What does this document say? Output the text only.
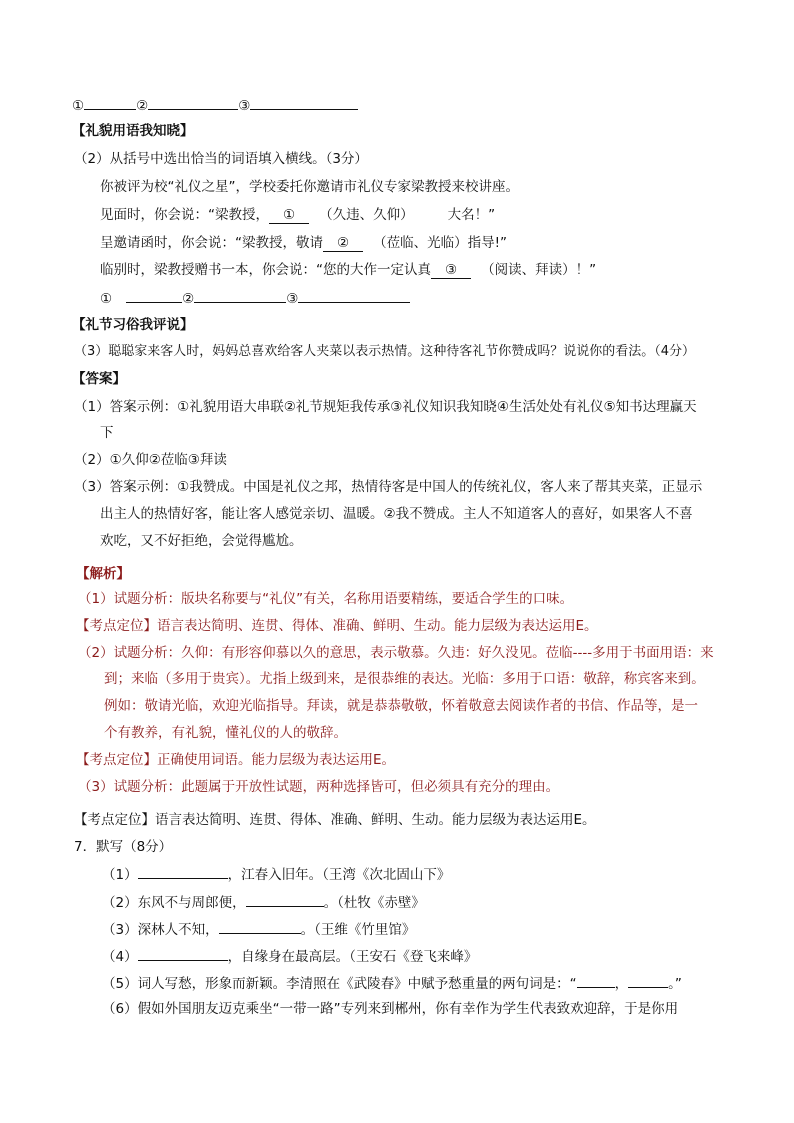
①	②	③
【礼貌用语我知晓】
（2）从括号中选出恰当的词语填入横线。（3分）
你被评为校“礼仪之星”，学校委托你邀请市礼仪专家梁教授来校讲座。
见面时，你会说：“梁教授， ① （久违、久仰）	大名！”
呈邀请函时，你会说：“梁教授，敬请 ② （莅临、光临）指导!”
临别时，梁教授赠书一本，你会说：“您的大作一定认真 ③ （阅读、拜读）！”
①	②	③
【礼节习俗我评说】
（3）聪聪家来客人时，妈妈总喜欢给客人夹菜以表示热情。这种待客礼节你赞成吗？说说你的看法。（4分）
【答案】
（1）答案示例：①礼貌用语大串联②礼节规矩我传承③礼仪知识我知晓④生活处处有礼仪⑤知书达理赢天
下
（2）①久仰②莅临③拜读
（3）答案示例：①我赞成。中国是礼仪之邦，热情待客是中国人的传统礼仪，客人来了帮其夹菜，正显示
出主人的热情好客，能让客人感觉亲切、温暖。②我不赞成。主人不知道客人的喜好，如果客人不喜
欢吃，又不好拒绝，会觉得尴尬。
【解析】
（1）试题分析：版块名称要与“礼仪”有关，名称用语要精练，要适合学生的口味。
【考点定位】语言表达简明、连贯、得体、准确、鲜明、生动。能力层级为表达运用E。
（2）试题分析：久仰：有形容仰慕以久的意思，表示敬慕。久违：好久没见。莅临----多用于书面用语：来
到；来临（多用于贵宾）。尤指上级到来，是很恭维的表达。光临：多用于口语：敬辞，称宾客来到。
例如：敬请光临，欢迎光临指导。拜读，就是恭恭敬敬，怀着敬意去阅读作者的书信、作品等，是一
个有教养，有礼貌，懂礼仪的人的敬辞。
【考点定位】正确使用词语。能力层级为表达运用E。
（3）试题分析：此题属于开放性试题，两种选择皆可，但必须具有充分的理由。
【考点定位】语言表达简明、连贯、得体、准确、鲜明、生动。能力层级为表达运用E。
7．默写（8分）
（1）	，江春入旧年。（王湾《次北固山下》
（2）东风不与周郎便，	。（杜牧《赤壁》
（3）深林人不知，	。（王维《竹里馆》
（4）	，自缘身在最高层。（王安石《登飞来峰》
（5）词人写愁，形象而新颖。李清照在《武陵春》中赋予愁重量的两句词是：“	，	。”
（6）假如外国朋友迈克乘坐“一带一路”专列来到郴州，你有幸作为学生代表致欢迎辞，于是你用
